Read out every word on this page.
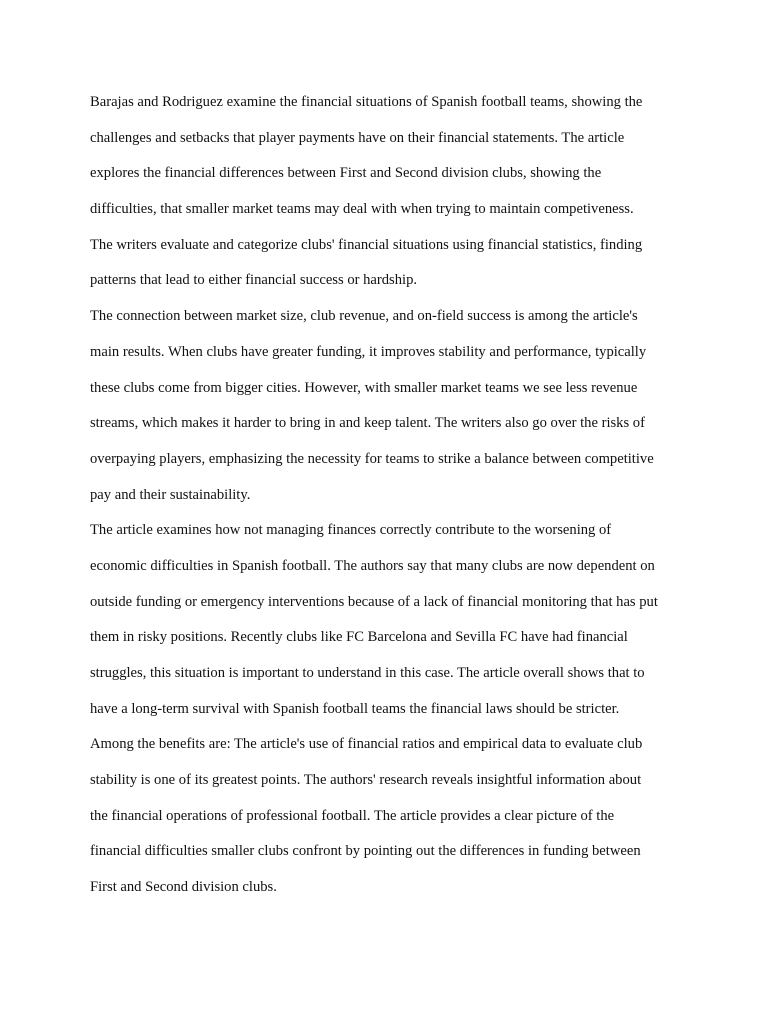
Barajas and Rodriguez examine the financial situations of Spanish football teams, showing the
challenges and setbacks that player payments have on their financial statements. The article
explores the financial differences between First and Second division clubs, showing the
difficulties, that smaller market teams may deal with when trying to maintain competiveness.
The writers evaluate and categorize clubs' financial situations using financial statistics, finding
patterns that lead to either financial success or hardship.
The connection between market size, club revenue, and on-field success is among the article's
main results. When clubs have greater funding, it improves stability and performance, typically
these clubs come from bigger cities. However, with smaller market teams we see less revenue
streams, which makes it harder to bring in and keep talent. The writers also go over the risks of
overpaying players, emphasizing the necessity for teams to strike a balance between competitive
pay and their sustainability.
The article examines how not managing finances correctly contribute to the worsening of
economic difficulties in Spanish football. The authors say that many clubs are now dependent on
outside funding or emergency interventions because of a lack of financial monitoring that has put
them in risky positions. Recently clubs like FC Barcelona and Sevilla FC have had financial
struggles, this situation is important to understand in this case. The article overall shows that to
have a long-term survival with Spanish football teams the financial laws should be stricter.
Among the benefits are: The article's use of financial ratios and empirical data to evaluate club
stability is one of its greatest points. The authors' research reveals insightful information about
the financial operations of professional football. The article provides a clear picture of the
financial difficulties smaller clubs confront by pointing out the differences in funding between
First and Second division clubs.
